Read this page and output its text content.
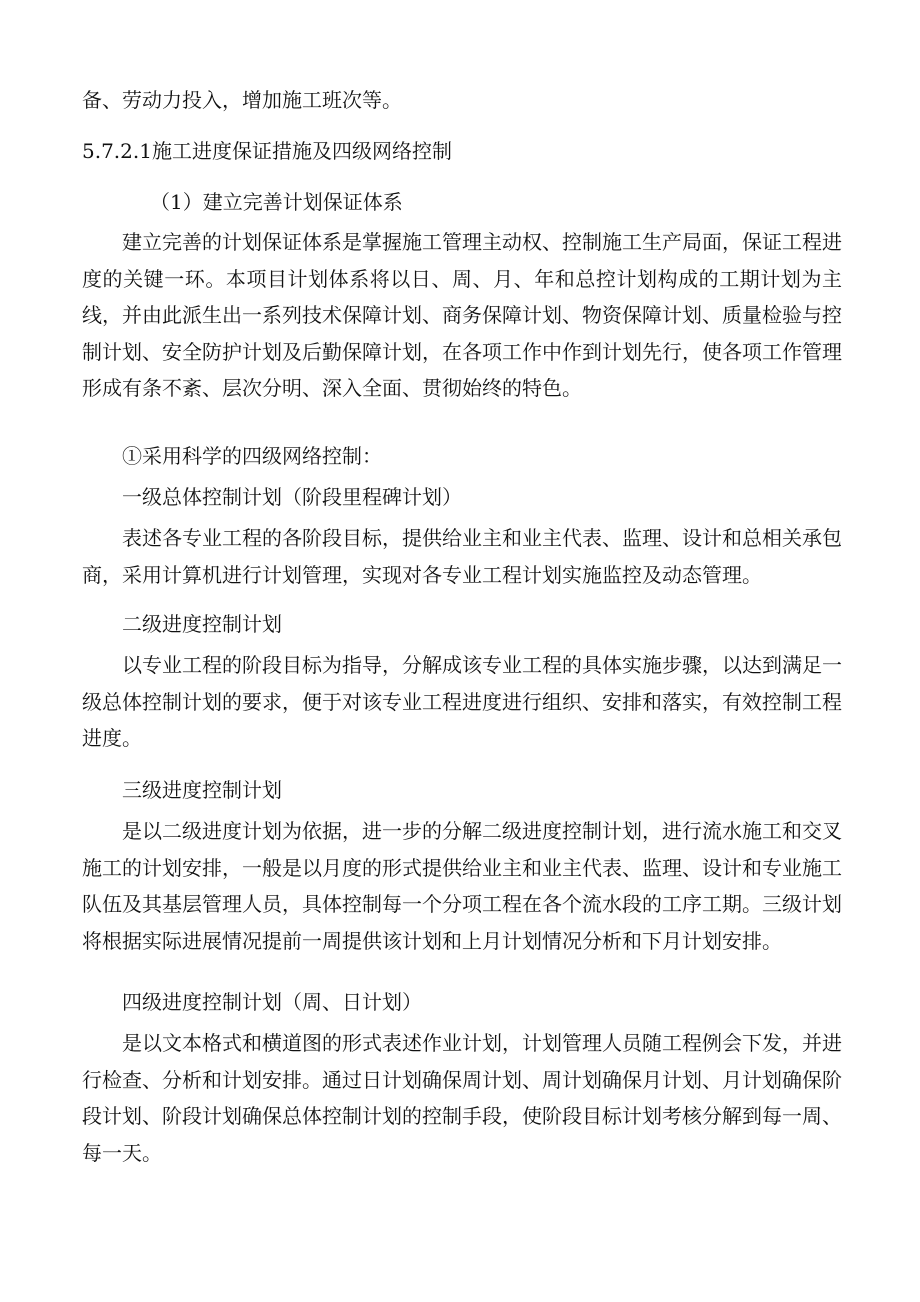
备、劳动力投入，增加施工班次等。

5.7.2.1施工进度保证措施及四级网络控制

（1）建立完善计划保证体系

建立完善的计划保证体系是掌握施工管理主动权、控制施工生产局面，保证工程进度的关键一环。本项目计划体系将以日、周、月、年和总控计划构成的工期计划为主线，并由此派生出一系列技术保障计划、商务保障计划、物资保障计划、质量检验与控制计划、安全防护计划及后勤保障计划，在各项工作中作到计划先行，使各项工作管理形成有条不紊、层次分明、深入全面、贯彻始终的特色。

①采用科学的四级网络控制：

一级总体控制计划（阶段里程碑计划）

表述各专业工程的各阶段目标，提供给业主和业主代表、监理、设计和总相关承包商，采用计算机进行计划管理，实现对各专业工程计划实施监控及动态管理。

二级进度控制计划

以专业工程的阶段目标为指导，分解成该专业工程的具体实施步骤，以达到满足一级总体控制计划的要求，便于对该专业工程进度进行组织、安排和落实，有效控制工程进度。

三级进度控制计划

是以二级进度计划为依据，进一步的分解二级进度控制计划，进行流水施工和交叉施工的计划安排，一般是以月度的形式提供给业主和业主代表、监理、设计和专业施工队伍及其基层管理人员，具体控制每一个分项工程在各个流水段的工序工期。三级计划将根据实际进展情况提前一周提供该计划和上月计划情况分析和下月计划安排。

四级进度控制计划（周、日计划）

是以文本格式和横道图的形式表述作业计划，计划管理人员随工程例会下发，并进行检查、分析和计划安排。通过日计划确保周计划、周计划确保月计划、月计划确保阶段计划、阶段计划确保总体控制计划的控制手段，使阶段目标计划考核分解到每一周、每一天。
